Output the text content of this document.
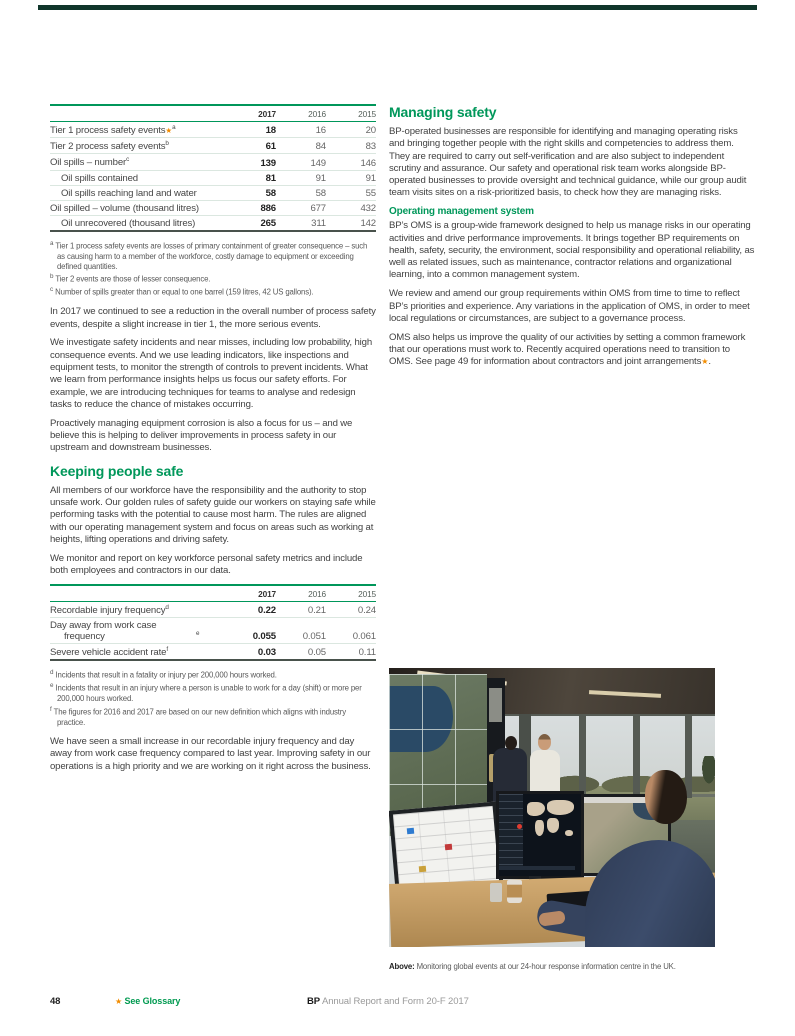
	2017	2016	2015
Tier 1 process safety events★$^a$	18	16	20
Tier 2 process safety events$^b$	61	84	83
Oil spills – number$^c$	139	149	146
Oil spills contained	81	91	91
Oil spills reaching land and water	58	58	55
Oil spilled – volume (thousand litres)	886	677	432
Oil unrecovered (thousand litres)	265	311	142

$^a$ Tier 1 process safety events are losses of primary containment of greater consequence – such as causing harm to a member of the workforce, costly damage to equipment or exceeding defined quantities.

$^b$ Tier 2 events are those of lesser consequence.

$^c$ Number of spills greater than or equal to one barrel (159 litres, 42 US gallons).

In 2017 we continued to see a reduction in the overall number of process safety events, despite a slight increase in tier 1, the more serious events.

We investigate safety incidents and near misses, including low probability, high consequence events. And we use leading indicators, like inspections and equipment tests, to monitor the strength of controls to prevent incidents. What we learn from performance insights helps us focus our safety efforts. For example, we are introducing techniques for teams to analyse and redesign tasks to reduce the chance of mistakes occurring.

Proactively managing equipment corrosion is also a focus for us – and we believe this is helping to deliver improvements in process safety in our upstream and downstream businesses.

Keeping people safe

All members of our workforce have the responsibility and the authority to stop unsafe work. Our golden rules of safety guide our workers on staying safe while performing tasks with the potential to cause most harm. The rules are aligned with our operating management system and focus on areas such as working at heights, lifting operations and driving safety.

We monitor and report on key workforce personal safety metrics and include both employees and contractors in our data.

	2017	2016	2015
Recordable injury frequency$^d$	0.22	0.21	0.24
Day away from work case frequency $^e$	0.055	0.051	0.061
Severe vehicle accident rate$^f$	0.03	0.05	0.11

$^d$ Incidents that result in a fatality or injury per 200,000 hours worked.

$^e$ Incidents that result in an injury where a person is unable to work for a day (shift) or more per 200,000 hours worked.

$^f$ The figures for 2016 and 2017 are based on our new definition which aligns with industry practice.

We have seen a small increase in our recordable injury frequency and day away from work case frequency compared to last year. Improving safety in our operations is a high priority and we are working on it right across the business.

Managing safety

BP-operated businesses are responsible for identifying and managing operating risks and bringing together people with the right skills and competencies to address them. They are required to carry out self-verification and are also subject to independent scrutiny and assurance. Our safety and operational risk team works alongside BP-operated businesses to provide oversight and technical guidance, while our group audit team visits sites on a risk-prioritized basis, to check how they are managing risks.

Operating management system

BP’s OMS is a group-wide framework designed to help us manage risks in our operating activities and drive performance improvements. It brings together BP requirements on health, safety, security, the environment, social responsibility and operational reliability, as well as related issues, such as maintenance, contractor relations and organizational learning, into a common management system.

We review and amend our group requirements within OMS from time to time to reflect BP’s priorities and experience. Any variations in the application of OMS, in order to meet local regulations or circumstances, are subject to a governance process.

OMS also helps us improve the quality of our activities by setting a common framework that our operations must work to. Recently acquired operations need to transition to OMS. See page 49 for information about contractors and joint arrangements★.

Above: Monitoring global events at our 24-hour response information centre in the UK.

48	★ See Glossary	BP Annual Report and Form 20-F 2017
